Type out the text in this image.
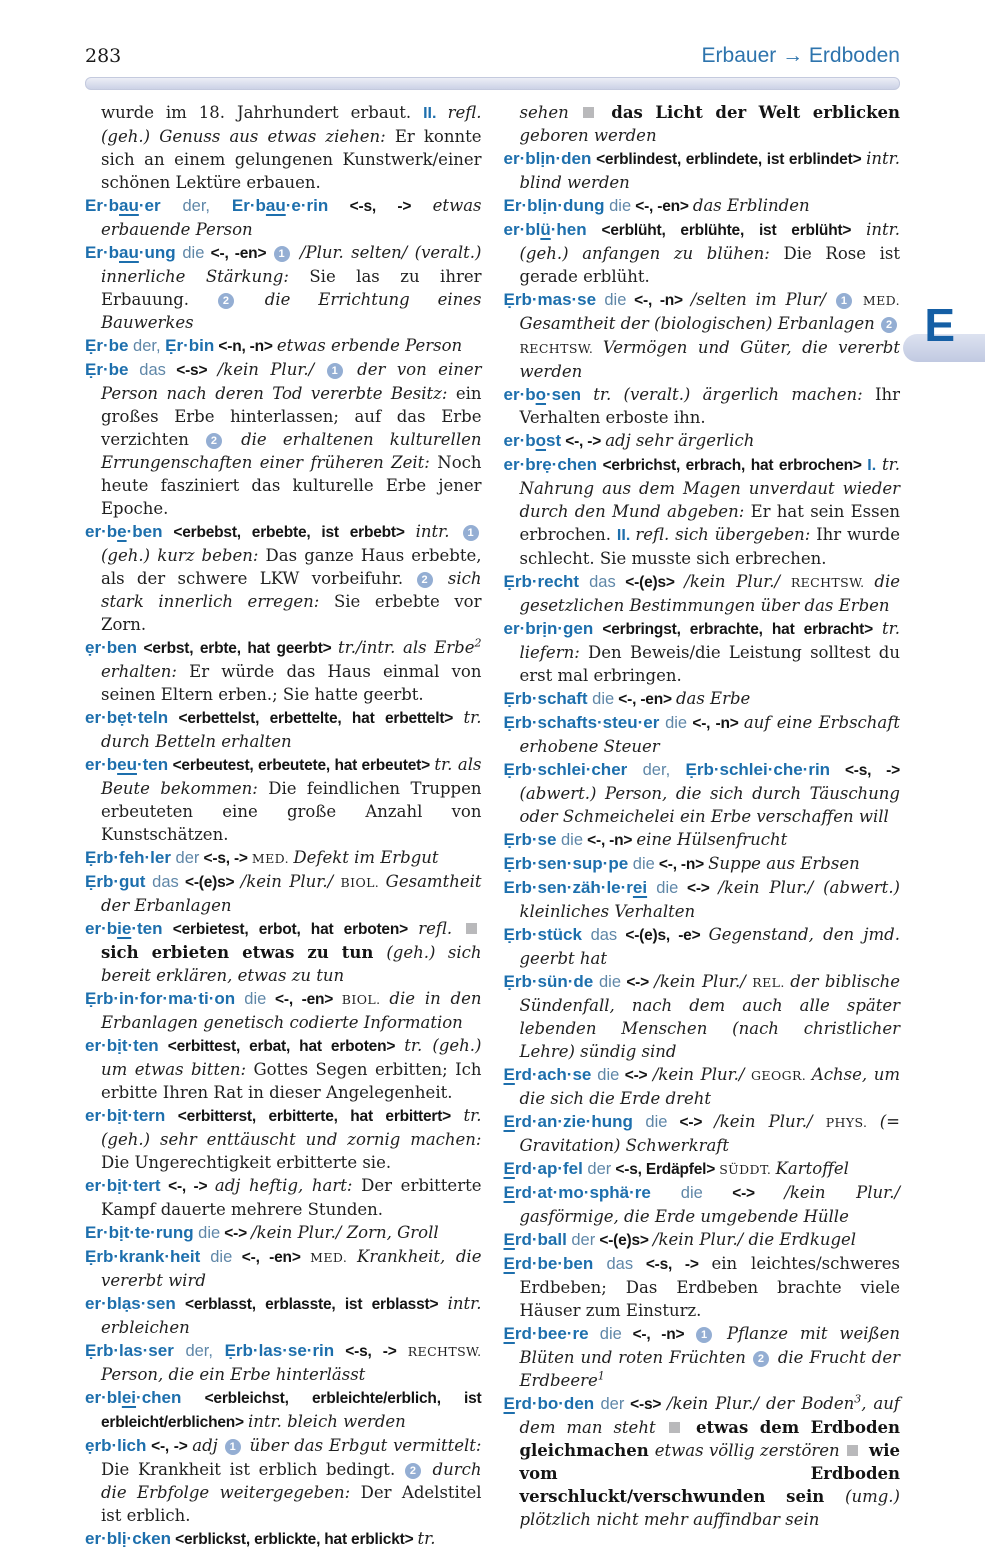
283	Erbauer → Erdboden

wurde im 18. Jahrhundert erbaut. II. refl. (geh.) Genuss aus etwas ziehen: Er konnte sich an einem gelungenen Kunstwerk/einer schönen Lektüre erbauen.

Er·bau·er der, Er·bau·e·rin <-s, -> etwas erbauende Person

Er·bau·ung die <-, -en> 1 /Plur. selten/ (veralt.) innerliche Stärkung: Sie las zu ihrer Erbauung. 2 die Errichtung eines Bauwerkes

Ẹr·be der, Ẹr·bin <-n, -n> etwas erbende Person

Ẹr·be das <-s> /kein Plur./ 1 der von einer Person nach deren Tod vererbte Besitz: ein großes Erbe hinterlassen; auf das Erbe verzichten 2 die erhaltenen kulturellen Errungenschaften einer früheren Zeit: Noch heute fasziniert das kulturelle Erbe jener Epoche.

er·be·ben <erbebst, erbebte, ist erbebt> intr. 1 (geh.) kurz beben: Das ganze Haus erbebte, als der schwere LKW vorbeifuhr. 2 sich stark innerlich erregen: Sie erbebte vor Zorn.

ẹr·ben <erbst, erbte, hat geerbt> tr./intr. als Erbe$^2$ erhalten: Er würde das Haus einmal von seinen Eltern erben.; Sie hatte geerbt.

er·bẹt·teln <erbettelst, erbettelte, hat erbettelt> tr. durch Betteln erhalten

er·beu·ten <erbeutest, erbeutete, hat erbeutet> tr. als Beute bekommen: Die feindlichen Truppen erbeuteten eine große Anzahl von Kunstschätzen.

Ẹrb·feh·ler der <-s, -> MED. Defekt im Erbgut

Ẹrb·gut das <-(e)s> /kein Plur./ BIOL. Gesamtheit der Erbanlagen

er·bie·ten <erbietest, erbot, hat erboten> refl.  sich erbieten etwas zu tun (geh.) sich bereit erklären, etwas zu tun

Ẹrb·in·for·ma·ti·on die <-, -en> BIOL. die in den Erbanlagen genetisch codierte Information

er·bịt·ten <erbittest, erbat, hat erboten> tr. (geh.) um etwas bitten: Gottes Segen erbitten; Ich erbitte Ihren Rat in dieser Angelegenheit.

er·bịt·tern <erbitterst, erbitterte, hat erbittert> tr. (geh.) sehr enttäuscht und zornig machen: Die Ungerechtigkeit erbitterte sie.

er·bịt·tert <-, -> adj heftig, hart: Der erbitterte Kampf dauerte mehrere Stunden.

Er·bịt·te·rung die <-> /kein Plur./ Zorn, Groll

Ẹrb·krank·heit die <-, -en> MED. Krankheit, die vererbt wird

er·blạs·sen <erblasst, erblasste, ist erblasst> intr. erbleichen

Ẹrb·las·ser der, Ẹrb·las·se·rin <-s, -> RECHTSW. Person, die ein Erbe hinterlässt

er·blei·chen <erbleichst, erbleichte/erblich, ist erbleicht/erblichen> intr. bleich werden

ẹrb·lich <-, -> adj 1 über das Erbgut vermittelt: Die Krankheit ist erblich bedingt. 2 durch die Erbfolge weitergegeben: Der Adelstitel ist erblich.

er·blị·cken <erblickst, erblickte, hat erblickt> tr.

sehen  das Licht der Welt erblicken geboren werden

er·blịn·den <erblindest, erblindete, ist erblindet> intr. blind werden

Er·blịn·dung die <-, -en> das Erblinden

er·blü·hen <erblüht, erblühte, ist erblüht> intr. (geh.) anfangen zu blühen: Die Rose ist gerade erblüht.

Ẹrb·mas·se die <-, -n> /selten im Plur/ 1 MED. Gesamtheit der (biologischen) Erbanlagen 2 RECHTSW. Vermögen und Güter, die vererbt werden

er·bo·sen tr. (veralt.) ärgerlich machen: Ihr Verhalten erboste ihn.

er·bost <-, -> adj sehr ärgerlich

er·brẹ·chen <erbrichst, erbrach, hat erbrochen> I. tr. Nahrung aus dem Magen unverdaut wieder durch den Mund abgeben: Er hat sein Essen erbrochen. II. refl. sich übergeben: Ihr wurde schlecht. Sie musste sich erbrechen.

Ẹrb·recht das <-(e)s> /kein Plur./ RECHTSW. die gesetzlichen Bestimmungen über das Erben

er·brịn·gen <erbringst, erbrachte, hat erbracht> tr. liefern: Den Beweis/die Leistung solltest du erst mal erbringen.

Ẹrb·schaft die <-, -en> das Erbe

Ẹrb·schafts·steu·er die <-, -n> auf eine Erbschaft erhobene Steuer

Ẹrb·schlei·cher der, Ẹrb·schlei·che·rin <-s, -> (abwert.) Person, die sich durch Täuschung oder Schmeichelei ein Erbe verschaffen will

Ẹrb·se die <-, -n> eine Hülsenfrucht

Ẹrb·sen·sup·pe die <-, -n> Suppe aus Erbsen

Erb·sen·zäh·le·rei die <-> /kein Plur./ (abwert.) kleinliches Verhalten

Ẹrb·stück das <-(e)s, -e> Gegenstand, den jmd. geerbt hat

Ẹrb·sün·de die <-> /kein Plur./ REL. der biblische Sündenfall, nach dem auch alle später lebenden Menschen (nach christlicher Lehre) sündig sind

Erd·ach·se die <-> /kein Plur./ GEOGR. Achse, um die sich die Erde dreht

Erd·an·zie·hung die <-> /kein Plur./ PHYS. (= Gravitation) Schwerkraft

Erd·ap·fel der <-s, Erdäpfel> SÜDDT. Kartoffel

Erd·at·mo·sphä·re die <-> /kein Plur./ gasförmige, die Erde umgebende Hülle

Erd·ball der <-(e)s> /kein Plur./ die Erdkugel

Erd·be·ben das <-s, -> ein leichtes/schweres Erdbeben; Das Erdbeben brachte viele Häuser zum Einsturz.

Erd·bee·re die <-, -n> 1 Pflanze mit weißen Blüten und roten Früchten 2 die Frucht der Erdbeere$^1$

Erd·bo·den der <-s> /kein Plur./ der Boden$^3$, auf dem man steht  etwas dem Erdboden gleichmachen etwas völlig zerstören  wie vom Erdboden verschluckt/verschwunden sein (umg.) plötzlich nicht mehr auffindbar sein

E
